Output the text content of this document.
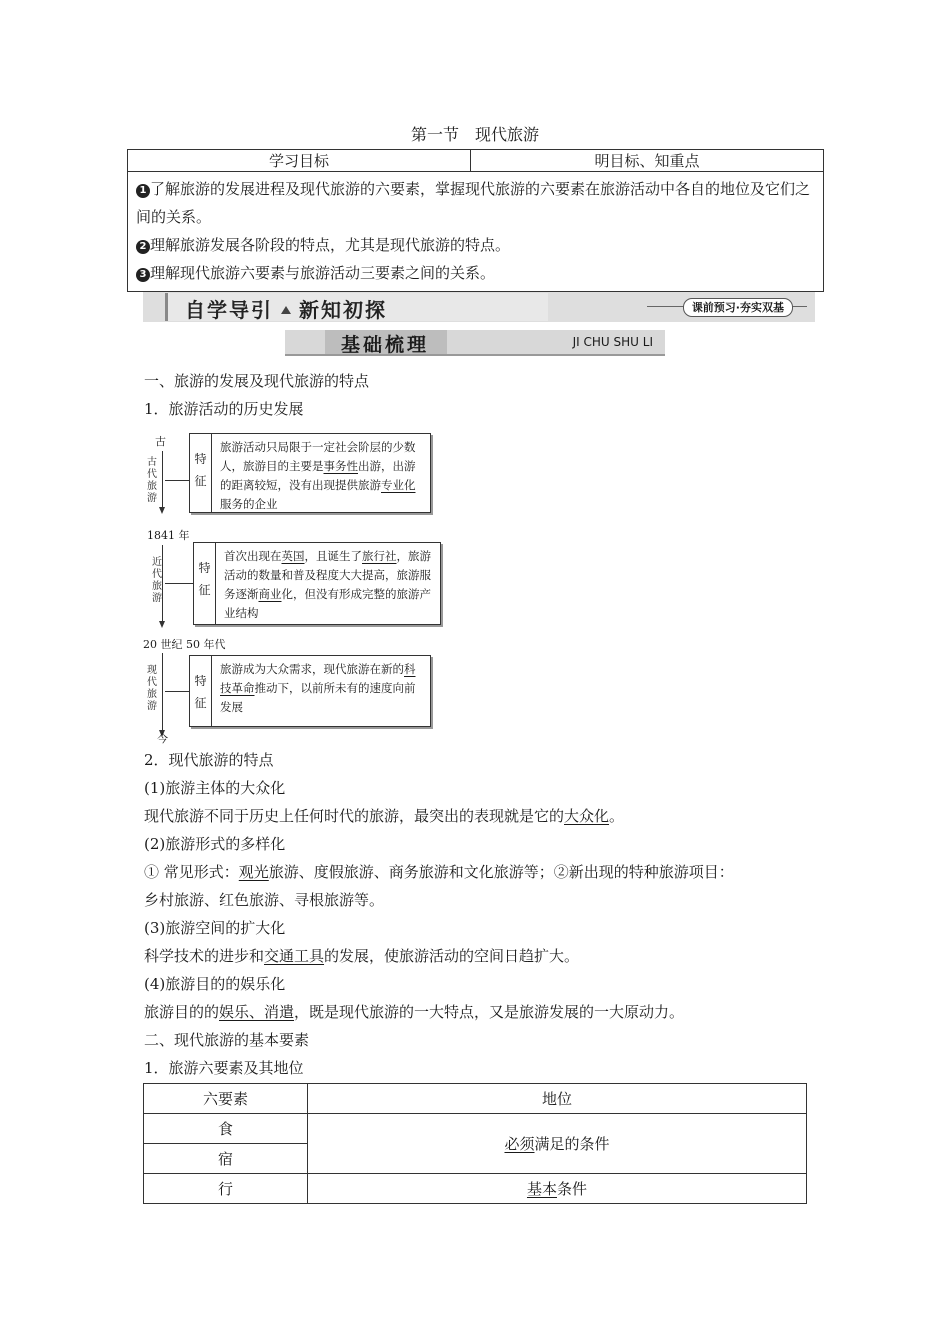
第一节　现代旅游
学习目标	明目标、知重点

1 了解旅游的发展进程及现代旅游的六要素，掌握现代旅游的六要素在旅游活动中各自的地位及它们之间的关系。
2 理解旅游发展各阶段的特点，尤其是现代旅游的特点。
3 理解现代旅游六要素与旅游活动三要素之间的关系。
自学导引 新知初探	课前预习·夯实双基
基础梳理	JI CHU SHU LI
一、旅游的发展及现代旅游的特点
1．旅游活动的历史发展
古
古代旅游
特征
旅游活动只局限于一定社会阶层的少数人，旅游目的主要是事务性出游，出游的距离较短，没有出现提供旅游专业化服务的企业
1841 年
近代旅游
特征
首次出现在英国，且诞生了旅行社，旅游活动的数量和普及程度大大提高，旅游服务逐渐商业化，但没有形成完整的旅游产业结构
20 世纪 50 年代
现代旅游
特征
旅游成为大众需求，现代旅游在新的科技革命推动下，以前所未有的速度向前发展
今
2．现代旅游的特点
(1)旅游主体的大众化
现代旅游不同于历史上任何时代的旅游，最突出的表现就是它的大众化。
(2)旅游形式的多样化
① 常见形式：观光旅游、度假旅游、商务旅游和文化旅游等；②新出现的特种旅游项目：
乡村旅游、红色旅游、寻根旅游等。
(3)旅游空间的扩大化
科学技术的进步和交通工具的发展，使旅游活动的空间日趋扩大。
(4)旅游目的的娱乐化
旅游目的的娱乐、消遣，既是现代旅游的一大特点，又是旅游发展的一大原动力。
二、现代旅游的基本要素
1．旅游六要素及其地位
六要素	地位
食	必须满足的条件
宿	
行	基本条件
